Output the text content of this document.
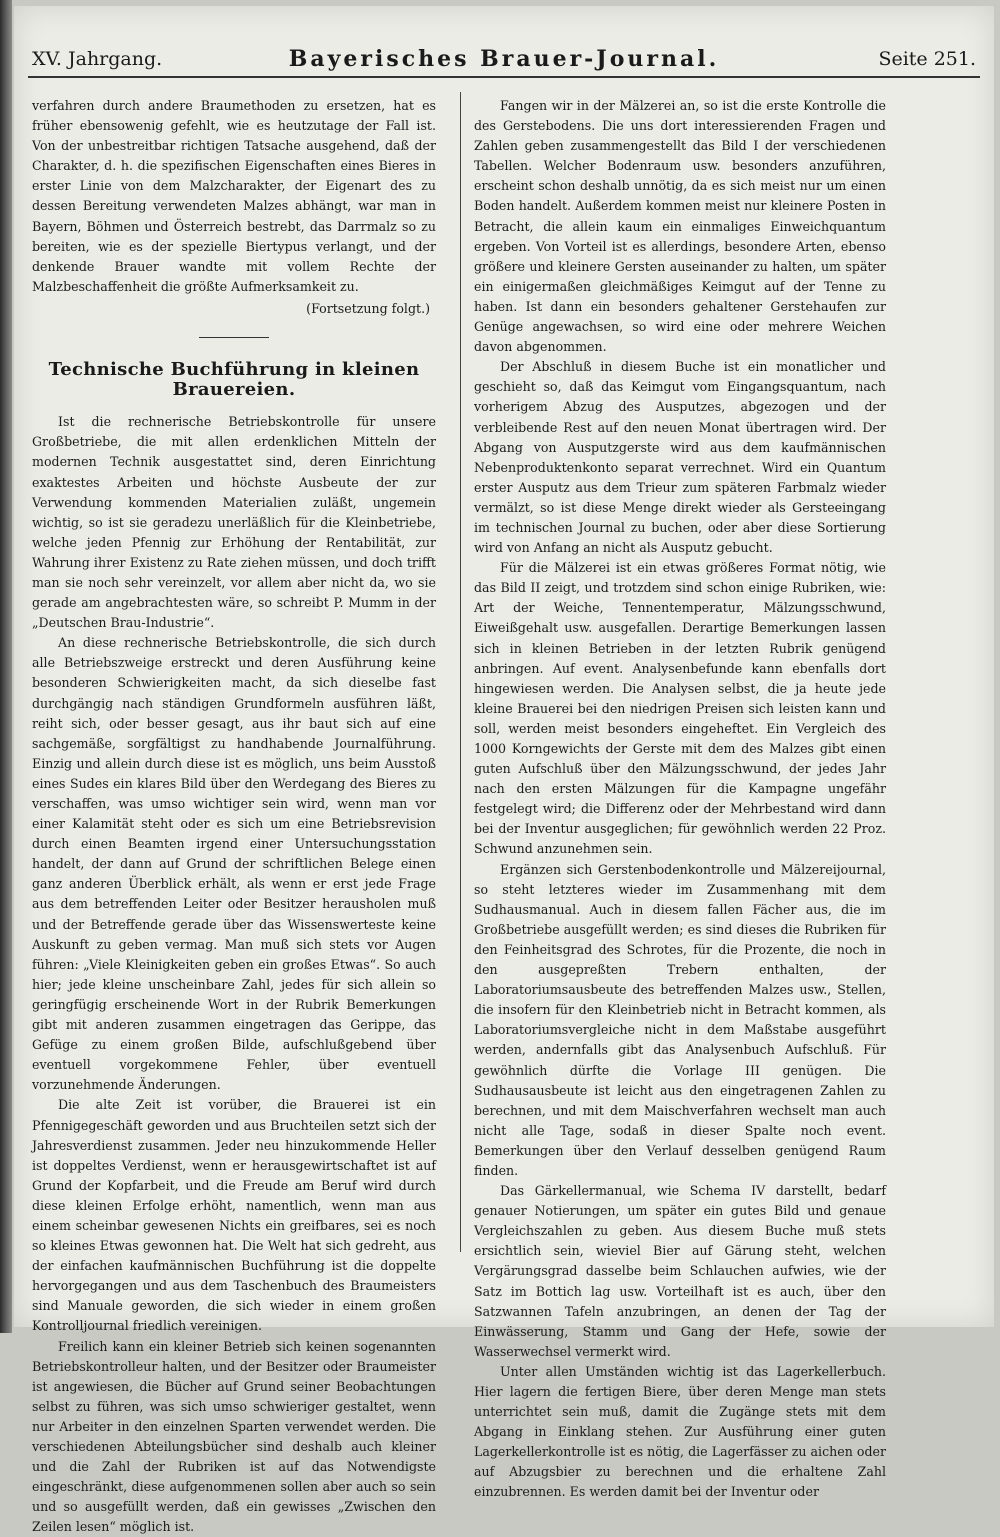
XV. Jahrgang.	Bayerisches Brauer-Journal.	Seite 251.

verfahren durch andere Braumethoden zu ersetzen, hat es früher ebensowenig gefehlt, wie es heutzutage der Fall ist. Von der unbestreitbar richtigen Tatsache ausgehend, daß der Charakter, d. h. die spezifischen Eigenschaften eines Bieres in erster Linie von dem Malzcharakter, der Eigenart des zu dessen Bereitung verwendeten Malzes abhängt, war man in Bayern, Böhmen und Österreich bestrebt, das Darrmalz so zu bereiten, wie es der spezielle Biertypus verlangt, und der denkende Brauer wandte mit vollem Rechte der Malzbeschaffenheit die größte Aufmerksamkeit zu.

(Fortsetzung folgt.)
Technische Buchführung in kleinen Brauereien.

Ist die rechnerische Betriebskontrolle für unsere Großbetriebe, die mit allen erdenklichen Mitteln der modernen Technik ausgestattet sind, deren Einrichtung exaktestes Arbeiten und höchste Ausbeute der zur Verwendung kommenden Materialien zuläßt, ungemein wichtig, so ist sie geradezu unerläßlich für die Kleinbetriebe, welche jeden Pfennig zur Erhöhung der Rentabilität, zur Wahrung ihrer Existenz zu Rate ziehen müssen, und doch trifft man sie noch sehr vereinzelt, vor allem aber nicht da, wo sie gerade am angebrachtesten wäre, so schreibt P. Mumm in der „Deutschen Brau-Industrie“.

An diese rechnerische Betriebskontrolle, die sich durch alle Betriebszweige erstreckt und deren Ausführung keine besonderen Schwierigkeiten macht, da sich dieselbe fast durchgängig nach ständigen Grundformeln ausführen läßt, reiht sich, oder besser gesagt, aus ihr baut sich auf eine sachgemäße, sorgfältigst zu handhabende Journalführung. Einzig und allein durch diese ist es möglich, uns beim Ausstoß eines Sudes ein klares Bild über den Werdegang des Bieres zu verschaffen, was umso wichtiger sein wird, wenn man vor einer Kalamität steht oder es sich um eine Betriebsrevision durch einen Beamten irgend einer Untersuchungsstation handelt, der dann auf Grund der schriftlichen Belege einen ganz anderen Überblick erhält, als wenn er erst jede Frage aus dem betreffenden Leiter oder Besitzer herausholen muß und der Betreffende gerade über das Wissenswerteste keine Auskunft zu geben vermag. Man muß sich stets vor Augen führen: „Viele Kleinigkeiten geben ein großes Etwas“. So auch hier; jede kleine unscheinbare Zahl, jedes für sich allein so geringfügig erscheinende Wort in der Rubrik Bemerkungen gibt mit anderen zusammen eingetragen das Gerippe, das Gefüge zu einem großen Bilde, aufschlußgebend über eventuell vorgekommene Fehler, über eventuell vorzunehmende Änderungen.

Die alte Zeit ist vorüber, die Brauerei ist ein Pfennigegeschäft geworden und aus Bruchteilen setzt sich der Jahresverdienst zusammen. Jeder neu hinzukommende Heller ist doppeltes Verdienst, wenn er herausgewirtschaftet ist auf Grund der Kopfarbeit, und die Freude am Beruf wird durch diese kleinen Erfolge erhöht, namentlich, wenn man aus einem scheinbar gewesenen Nichts ein greifbares, sei es noch so kleines Etwas gewonnen hat. Die Welt hat sich gedreht, aus der einfachen kaufmännischen Buchführung ist die doppelte hervorgegangen und aus dem Taschenbuch des Braumeisters sind Manuale geworden, die sich wieder in einem großen Kontrolljournal friedlich vereinigen.

Freilich kann ein kleiner Betrieb sich keinen sogenannten Betriebskontrolleur halten, und der Besitzer oder Braumeister ist angewiesen, die Bücher auf Grund seiner Beobachtungen selbst zu führen, was sich umso schwieriger gestaltet, wenn nur Arbeiter in den einzelnen Sparten verwendet werden. Die verschiedenen Abteilungsbücher sind deshalb auch kleiner und die Zahl der Rubriken ist auf das Notwendigste eingeschränkt, diese aufgenommenen sollen aber auch so sein und so ausgefüllt werden, daß ein gewisses „Zwischen den Zeilen lesen“ möglich ist.

Fangen wir in der Mälzerei an, so ist die erste Kontrolle die des Gerstebodens. Die uns dort interessierenden Fragen und Zahlen geben zusammengestellt das Bild I der verschiedenen Tabellen. Welcher Bodenraum usw. besonders anzuführen, erscheint schon deshalb unnötig, da es sich meist nur um einen Boden handelt. Außerdem kommen meist nur kleinere Posten in Betracht, die allein kaum ein einmaliges Einweichquantum ergeben. Von Vorteil ist es allerdings, besondere Arten, ebenso größere und kleinere Gersten auseinander zu halten, um später ein einigermaßen gleichmäßiges Keimgut auf der Tenne zu haben. Ist dann ein besonders gehaltener Gerstehaufen zur Genüge angewachsen, so wird eine oder mehrere Weichen davon abgenommen.

Der Abschluß in diesem Buche ist ein monatlicher und geschieht so, daß das Keimgut vom Eingangsquantum, nach vorherigem Abzug des Ausputzes, abgezogen und der verbleibende Rest auf den neuen Monat übertragen wird. Der Abgang von Ausputzgerste wird aus dem kaufmännischen Nebenproduktenkonto separat verrechnet. Wird ein Quantum erster Ausputz aus dem Trieur zum späteren Farbmalz wieder vermälzt, so ist diese Menge direkt wieder als Gersteeingang im technischen Journal zu buchen, oder aber diese Sortierung wird von Anfang an nicht als Ausputz gebucht.

Für die Mälzerei ist ein etwas größeres Format nötig, wie das Bild II zeigt, und trotzdem sind schon einige Rubriken, wie: Art der Weiche, Tennentemperatur, Mälzungsschwund, Eiweißgehalt usw. ausgefallen. Derartige Bemerkungen lassen sich in kleinen Betrieben in der letzten Rubrik genügend anbringen. Auf event. Analysenbefunde kann ebenfalls dort hingewiesen werden. Die Analysen selbst, die ja heute jede kleine Brauerei bei den niedrigen Preisen sich leisten kann und soll, werden meist besonders eingeheftet. Ein Vergleich des 1000 Korngewichts der Gerste mit dem des Malzes gibt einen guten Aufschluß über den Mälzungsschwund, der jedes Jahr nach den ersten Mälzungen für die Kampagne ungefähr festgelegt wird; die Differenz oder der Mehrbestand wird dann bei der Inventur ausgeglichen; für gewöhnlich werden 22 Proz. Schwund anzunehmen sein.

Ergänzen sich Gerstenbodenkontrolle und Mälzereijournal, so steht letzteres wieder im Zusammenhang mit dem Sudhausmanual. Auch in diesem fallen Fächer aus, die im Großbetriebe ausgefüllt werden; es sind dieses die Rubriken für den Feinheitsgrad des Schrotes, für die Prozente, die noch in den ausgepreßten Trebern enthalten, der Laboratoriumsausbeute des betreffenden Malzes usw., Stellen, die insofern für den Kleinbetrieb nicht in Betracht kommen, als Laboratoriumsvergleiche nicht in dem Maßstabe ausgeführt werden, andernfalls gibt das Analysenbuch Aufschluß. Für gewöhnlich dürfte die Vorlage III genügen. Die Sudhausausbeute ist leicht aus den eingetragenen Zahlen zu berechnen, und mit dem Maischverfahren wechselt man auch nicht alle Tage, sodaß in dieser Spalte noch event. Bemerkungen über den Verlauf desselben genügend Raum finden.

Das Gärkellermanual, wie Schema IV darstellt, bedarf genauer Notierungen, um später ein gutes Bild und genaue Vergleichszahlen zu geben. Aus diesem Buche muß stets ersichtlich sein, wieviel Bier auf Gärung steht, welchen Vergärungsgrad dasselbe beim Schlauchen aufwies, wie der Satz im Bottich lag usw. Vorteilhaft ist es auch, über den Satzwannen Tafeln anzubringen, an denen der Tag der Einwässerung, Stamm und Gang der Hefe, sowie der Wasserwechsel vermerkt wird.

Unter allen Umständen wichtig ist das Lagerkellerbuch. Hier lagern die fertigen Biere, über deren Menge man stets unterrichtet sein muß, damit die Zugänge stets mit dem Abgang in Einklang stehen. Zur Ausführung einer guten Lagerkellerkontrolle ist es nötig, die Lagerfässer zu aichen oder auf Abzugsbier zu berechnen und die erhaltene Zahl einzubrennen. Es werden damit bei der Inventur oder
